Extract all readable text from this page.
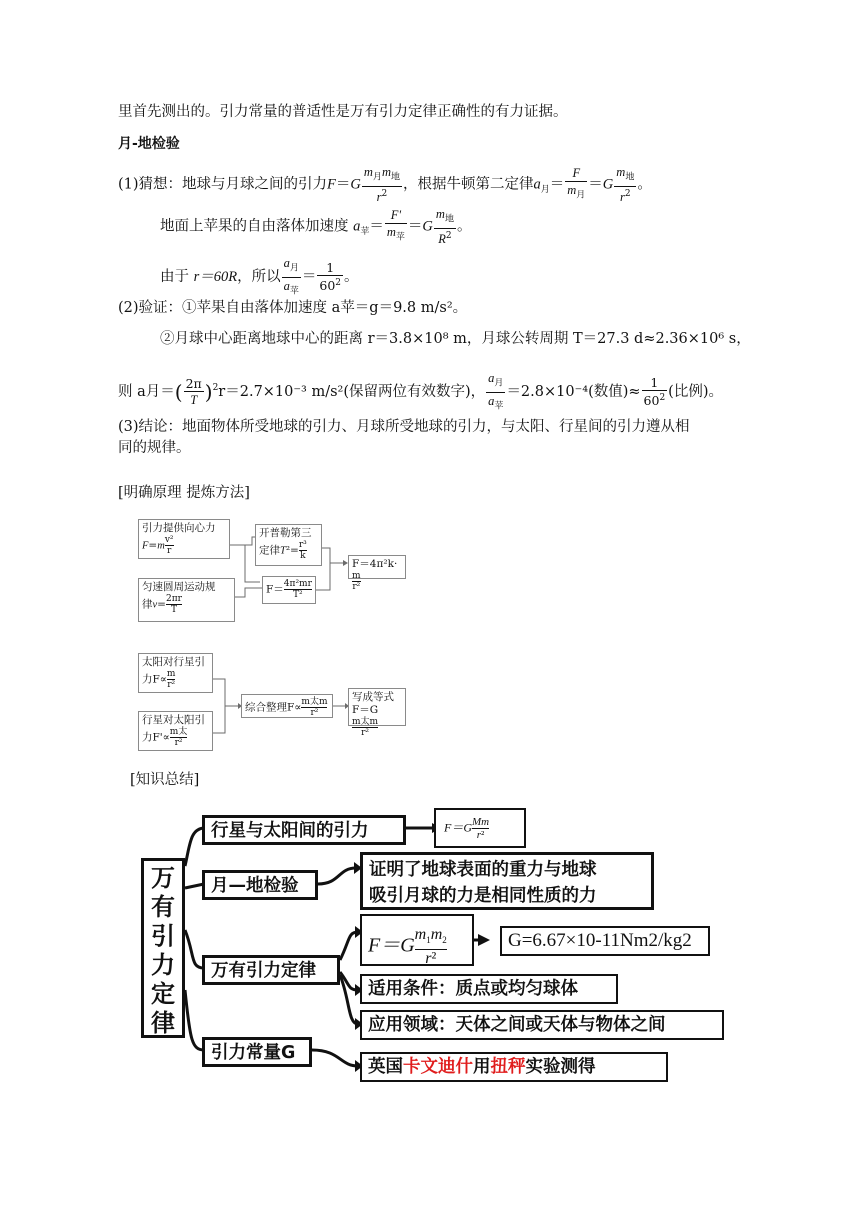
里首先测出的。引力常量的普适性是万有引力定律正确性的有力证据。
月-地检验
(1)猜想：地球与月球之间的引力$F=G \frac{m_月m_地}{r^2}$ ，根据牛顿第二定律$a_月= \frac{F}{m_月} =G \frac{m_地}{r^2}$ 。
地面上苹果的自由落体加速度 $a_苹= \frac{F'}{m_苹} =G \frac{m_地}{R^2}$ 。
由于 r＝60R，所以 $\frac{a_月}{a_苹} = \frac{1}{60^2}$ 。
(2)验证：①苹果自由落体加速度 a苹＝g＝9.8 m/s²。
②月球中心距离地球中心的距离 r＝3.8×10⁸ m，月球公转周期 T＝27.3 d≈2.36×10⁶ s，
则 a月＝( $\frac{2\pi}{T} )^2r=2.7\times 10^{-3}$ m/s²(保留两位有效数字)， $\frac{a_月}{a_苹} =2.8\times 10^{-4}$(数值)≈ $\frac{1}{60^2}$ (比例)。
(3)结论：地面物体所受地球的引力、月球所受地球的引力，与太阳、行星间的引力遵从相
同的规律。
[明确原理 提炼方法]
引力提供向心力
$F=m \frac{\text{v²}}{r}$
匀速圆周运动规
律$v= \frac{2\pi r}{T}$
开普勒第三
定律$T^2= \frac{\text{r³}}{k}$
$F= \frac{\text{4π²mr}}{\text{T²}}$
F＝4π²k·
$\frac{m}{\text{r²}}$
太阳对行星引
力$F\propto \frac{m}{\text{r²}}$
行星对太阳引
力F'∝ m太
r²
综合整理F∝ m太m
r²
写成等式
F＝G
m太m
r²
[知识总结]
万
有
引
力
定
律
行星与太阳间的引力	$F=G \frac{Mm}{\text{r²}}$
月—地检验
证明了地球表面的重力与地球
吸引月球的力是相同性质的力
万有引力定律
$F=G \frac{m_1m_2}{\text{r²}}$	G=6.67×10-11Nm2/kg2
适用条件：质点或均匀球体
应用领域：天体之间或天体与物体之间
引力常量G
英国卡文迪什用扭秤实验测得
